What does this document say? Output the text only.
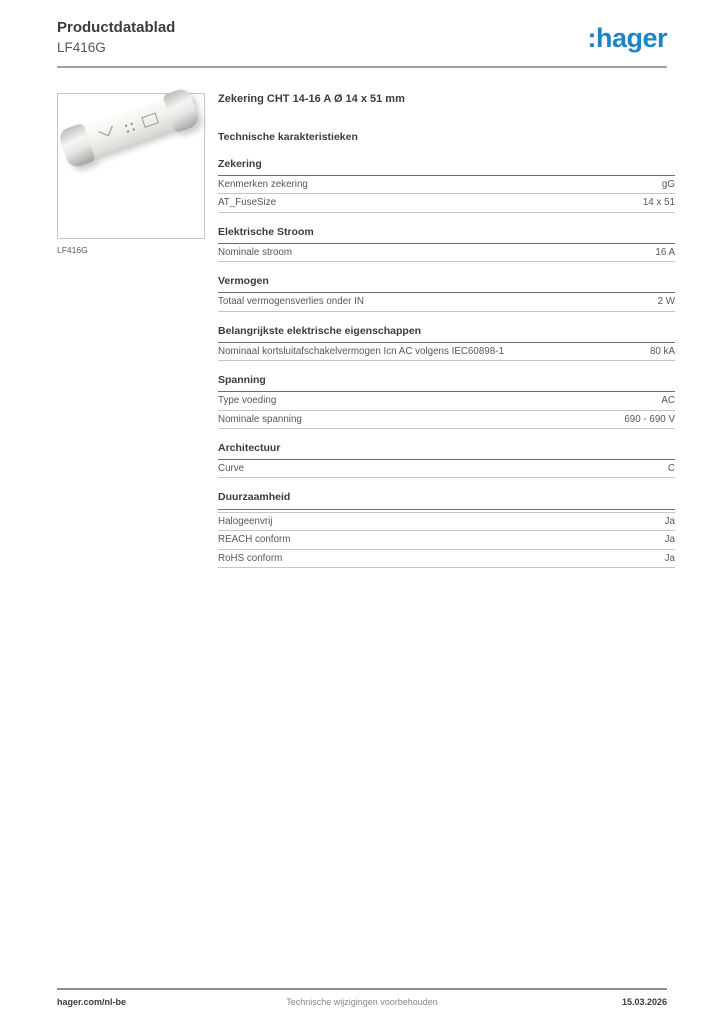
Productdatablad
LF416G	:hager
LF416G
Zekering CHT 14-16 A Ø 14 x 51 mm
Technische karakteristieken
Zekering
Kenmerken zekering	gG
AT_FuseSize	14 x 51
Elektrische Stroom
Nominale stroom	16 A
Vermogen
Totaal vermogensverlies onder IN	2 W
Belangrijkste elektrische eigenschappen
Nominaal kortsluitafschakelvermogen Icn AC volgens IEC60898-1	80 kA
Spanning
Type voeding	AC
Nominale spanning	690 - 690 V
Architectuur
Curve	C
Duurzaamheid
Halogeenvrij	Ja
REACH conform	Ja
RoHS conform	Ja
hager.com/nl-be	Technische wijzigingen voorbehouden	15.03.2026
